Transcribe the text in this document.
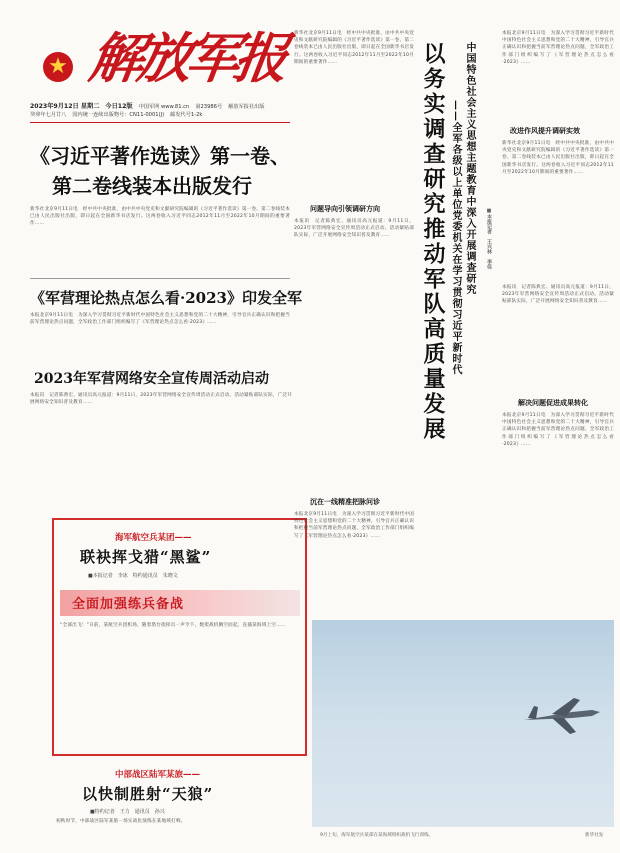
★ 解放军报
2023年9月12日 星期二 今日12版 中国军网 www.81.cn 第23986号 解放军报社出版
癸卯年七月廿八 国内统一连续出版物号：CN11-0001(J) 邮发代号1-2k
《习近平著作选读》第一卷、
第二卷线装本出版发行
新华社北京9月11日电　经中共中央批准，由中共中央党史和文献研究院编辑的《习近平著作选读》第一卷、第二卷线装本已由人民出版社出版，即日起在全国新华书店发行。这两卷收入习近平同志2012年11月至2022年10月期间的重要著作……
《军营理论热点怎么看·2023》印发全军
本报北京9月11日电　为深入学习贯彻习近平新时代中国特色社会主义思想和党的二十大精神，引导官兵正确认识和把握当前军营理论热点问题，全军政治工作部门组织编写了《军营理论热点怎么看·2023》……
2023年军营网络安全宣传周活动启动
本报讯　记者陈典宏、通讯员高元报道：9月11日，2023年军营网络安全宣传周活动正式启动。活动紧贴部队实际，广泛开展网络安全知识普及教育……
海军航空兵某团——
联袂挥戈猎“黑鲨”
■本报记者　李冰　特约通讯员　朱晓文
全面加强练兵备战
“全部出飞！”日前，某航空兵团机场，随着塔台指挥员一声令下，数架战机腾空而起，直插某海域上空……
中部战区陆军某旅——
以快制胜射“天狼”
■特约记者　王力　通讯员　孙兴
初秋时节，中部战区陆军某旅一场实战化演练在某地域打响。
新华社北京9月11日电　经中共中央批准，由中共中央党史和文献研究院编辑的《习近平著作选读》第一卷、第二卷线装本已由人民出版社出版，即日起在全国新华书店发行。这两卷收入习近平同志2012年11月至2022年10月期间的重要著作……
问题导向引领调研方向
本报讯　记者陈典宏、通讯员高元报道：9月11日，2023年军营网络安全宣传周活动正式启动。活动紧贴部队实际，广泛开展网络安全知识普及教育……
沉在一线精准把脉问诊
本报北京9月11日电　为深入学习贯彻习近平新时代中国特色社会主义思想和党的二十大精神，引导官兵正确认识和把握当前军营理论热点问题，全军政治工作部门组织编写了《军营理论热点怎么看·2023》……
中国特色社会主义思想主题教育中深入开展调查研究
——全军各级以上单位党委机关在学习贯彻习近平新时代
以务实调查研究推动军队高质量发展	■本报记者　王兴林　李佳
本报北京9月11日电　为深入学习贯彻习近平新时代中国特色社会主义思想和党的二十大精神，引导官兵正确认识和把握当前军营理论热点问题，全军政治工作部门组织编写了《军营理论热点怎么看·2023》……
改进作风提升调研实效
新华社北京9月11日电　经中共中央批准，由中共中央党史和文献研究院编辑的《习近平著作选读》第一卷、第二卷线装本已由人民出版社出版，即日起在全国新华书店发行。这两卷收入习近平同志2012年11月至2022年10月期间的重要著作……
本报讯　记者陈典宏、通讯员高元报道：9月11日，2023年军营网络安全宣传周活动正式启动。活动紧贴部队实际，广泛开展网络安全知识普及教育……
解决问题促进成果转化
本报北京9月11日电　为深入学习贯彻习近平新时代中国特色社会主义思想和党的二十大精神，引导官兵正确认识和把握当前军营理论热点问题，全军政治工作部门组织编写了《军营理论热点怎么看·2023》……
9月上旬，海军航空兵某部在某海域组织战机飞行训练。	新华社发
